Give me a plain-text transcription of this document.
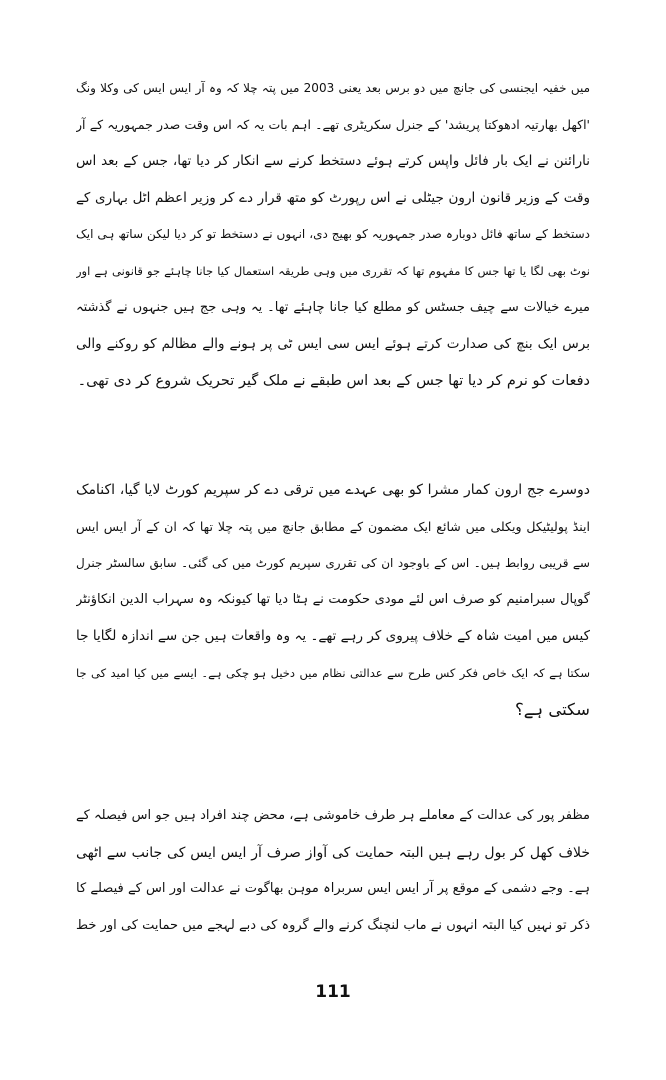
میں خفیہ ایجنسی کی جانچ میں دو برس بعد یعنی 2003 میں پتہ چلا کہ وہ آر ایس ایس کی وکلا ونگ
'اکھل بھارتیہ ادھوکتا پریشد' کے جنرل سکریٹری تھے۔ اہم بات یہ کہ اس وقت صدر جمہوریہ کے آر
نارائنن نے ایک بار فائل واپس کرتے ہوئے دستخط کرنے سے انکار کر دیا تھا، جس کے بعد اس
وقت کے وزیر قانون ارون جیٹلی نے اس رپورٹ کو متھ قرار دے کر وزیر اعظم اٹل بہاری کے
دستخط کے ساتھ فائل دوبارہ صدر جمہوریہ کو بھیج دی، انہوں نے دستخط تو کر دیا لیکن ساتھ ہی ایک
نوٹ بھی لگا یا تھا جس کا مفہوم تھا کہ تقرری میں وہی طریقہ استعمال کیا جانا چاہئے جو قانونی ہے اور
میرے خیالات سے چیف جسٹس کو مطلع کیا جانا چاہئے تھا۔ یہ وہی جج ہیں جنہوں نے گذشتہ
برس ایک بنچ کی صدارت کرتے ہوئے ایس سی ایس ٹی پر ہونے والے مظالم کو روکنے والی
دفعات کو نرم کر دیا تھا جس کے بعد اس طبقے نے ملک گیر تحریک شروع کر دی تھی۔
دوسرے جج ارون کمار مشرا کو بھی عہدے میں ترقی دے کر سپریم کورٹ لایا گیا، اکنامک
اینڈ پولیٹیکل ویکلی میں شائع ایک مضمون کے مطابق جانچ میں پتہ چلا تھا کہ ان کے آر ایس ایس
سے قریبی روابط ہیں۔ اس کے باوجود ان کی تقرری سپریم کورٹ میں کی گئی۔ سابق سالسٹر جنرل
گوپال سبرامنیم کو صرف اس لئے مودی حکومت نے ہٹا دیا تھا کیونکہ وہ سہراب الدین انکاؤنٹر
کیس میں امیت شاہ کے خلاف پیروی کر رہے تھے۔ یہ وہ واقعات ہیں جن سے اندازہ لگایا جا
سکتا ہے کہ ایک خاص فکر کس طرح سے عدالتی نظام میں دخیل ہو چکی ہے۔ ایسے میں کیا امید کی جا
سکتی ہے؟
مظفر پور کی عدالت کے معاملے ہر طرف خاموشی ہے، محض چند افراد ہیں جو اس فیصلہ کے
خلاف کھل کر بول رہے ہیں البتہ حمایت کی آواز صرف آر ایس ایس کی جانب سے اٹھی
ہے۔ وجے دشمی کے موقع پر آر ایس ایس سربراہ موہن بھاگوت نے عدالت اور اس کے فیصلے کا
ذکر تو نہیں کیا البتہ انہوں نے ماب لنچنگ کرنے والے گروہ کی دبے لہجے میں حمایت کی اور خط
111
